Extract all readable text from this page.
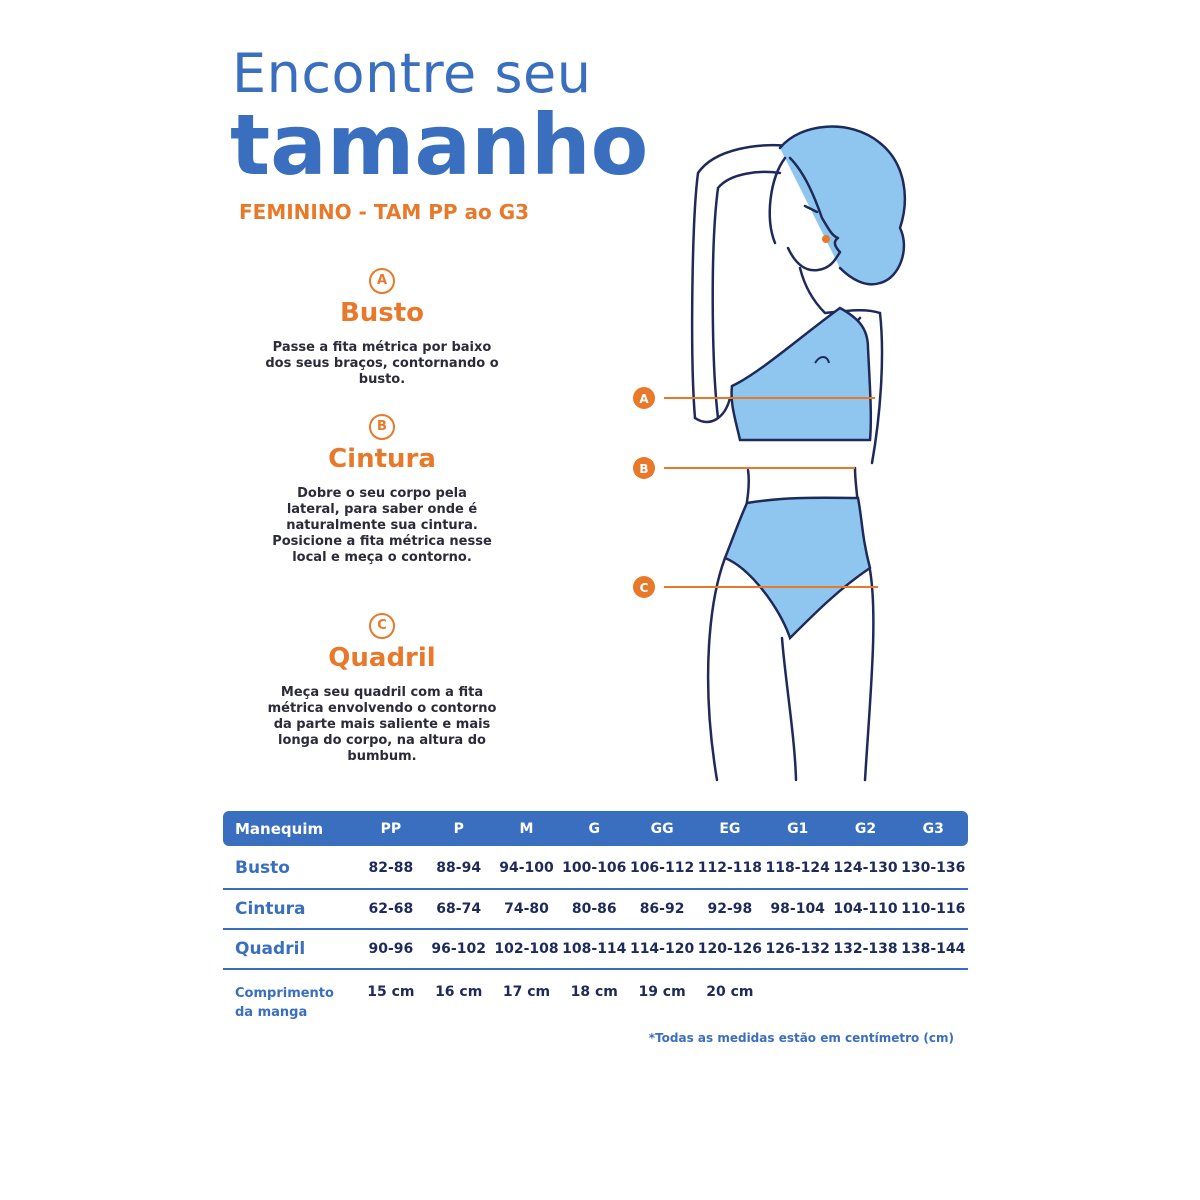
Encontre seu
tamanho
FEMININO - TAM PP ao G3
A
Busto
Passe a fita métrica por baixo dos seus braços, contornando o busto.
B
Cintura
Dobre o seu corpo pela lateral, para saber onde é naturalmente sua cintura. Posicione a fita métrica nesse local e meça o contorno.
C
Quadril
Meça seu quadril com a fita métrica envolvendo o contorno da parte mais saliente e mais longa do corpo, na altura do bumbum.
A
B
C
Manequim	PP	P	M	G	GG	EG	G1	G2	G3
Busto	82-88	88-94	94-100 100-106 106-112 112-118 118-124 124-130 130-136
Cintura	62-68	68-74	74-80	80-86	86-92	92-98	98-104 104-110 110-116
Quadril	90-96	96-102 102-108 108-114 114-120 120-126 126-132 132-138 138-144
Comprimento
da manga
15 cm	16 cm	17 cm	18 cm	19 cm	20 cm
*Todas as medidas estão em centímetro (cm)
